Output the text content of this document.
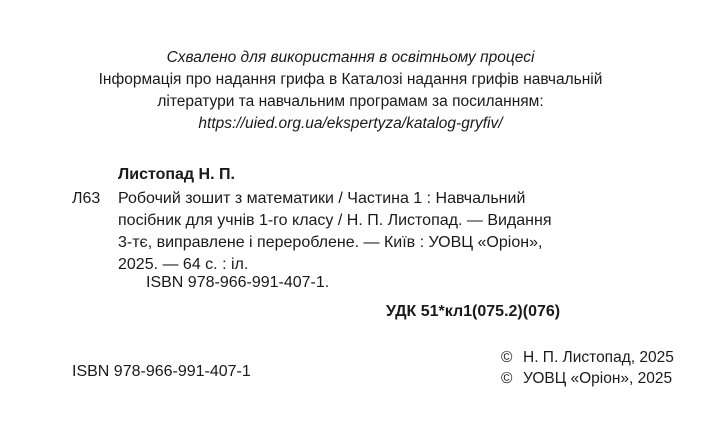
Схвалено для використання в освітньому процесі
Інформація про надання грифа в Каталозі надання грифів навчальній
літератури та навчальним програмам за посиланням:
https://uied.org.ua/ekspertyza/katalog-gryfiv/
Листопад Н. П.
Л63 Робочий зошит з математики / Частина 1 : Навчальний
посібник для учнів 1-го класу / Н. П. Листопад. — Видання
3-тє, виправлене і перероблене. — Київ : УОВЦ «Оріон»,
2025. — 64 с. : іл.
ISBN 978-966-991-407-1.
УДК 51*кл1(075.2)(076)
ISBN 978-966-991-407-1
© Н. П. Листопад, 2025
© УОВЦ «Оріон», 2025
